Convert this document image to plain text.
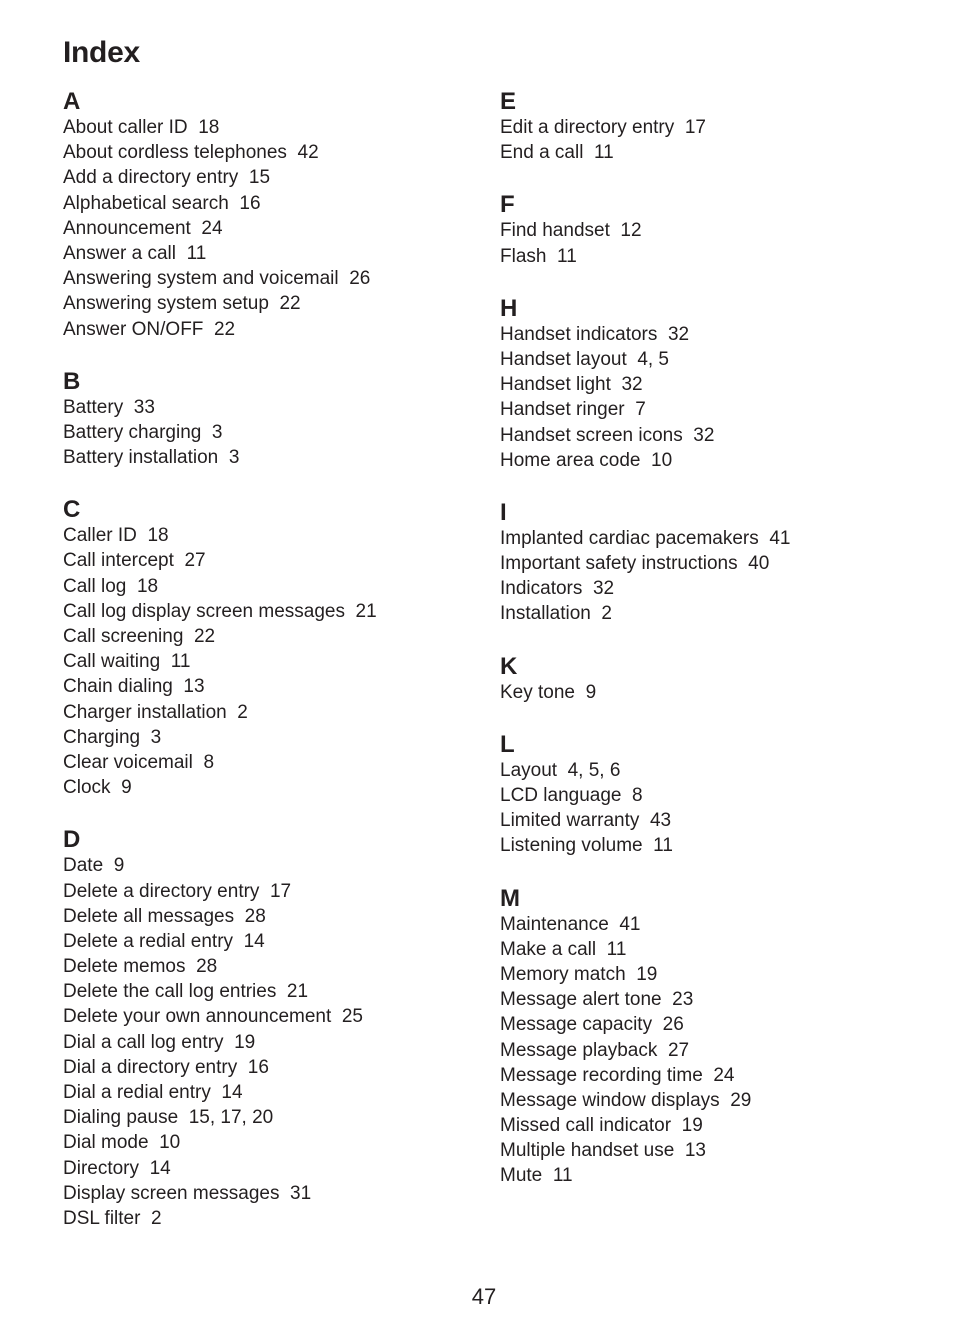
Index
A
About caller ID 18
About cordless telephones 42
Add a directory entry 15
Alphabetical search 16
Announcement 24
Answer a call 11
Answering system and voicemail 26
Answering system setup 22
Answer ON/OFF 22
B
Battery 33
Battery charging 3
Battery installation 3
C
Caller ID 18
Call intercept 27
Call log 18
Call log display screen messages 21
Call screening 22
Call waiting 11
Chain dialing 13
Charger installation 2
Charging 3
Clear voicemail 8
Clock 9
D
Date 9
Delete a directory entry 17
Delete all messages 28
Delete a redial entry 14
Delete memos 28
Delete the call log entries 21
Delete your own announcement 25
Dial a call log entry 19
Dial a directory entry 16
Dial a redial entry 14
Dialing pause 15, 17, 20
Dial mode 10
Directory 14
Display screen messages 31
DSL filter 2
E
Edit a directory entry 17
End a call 11
F
Find handset 12
Flash 11
H
Handset indicators 32
Handset layout 4, 5
Handset light 32
Handset ringer 7
Handset screen icons 32
Home area code 10
I
Implanted cardiac pacemakers 41
Important safety instructions 40
Indicators 32
Installation 2
K
Key tone 9
L
Layout 4, 5, 6
LCD language 8
Limited warranty 43
Listening volume 11
M
Maintenance 41
Make a call 11
Memory match 19
Message alert tone 23
Message capacity 26
Message playback 27
Message recording time 24
Message window displays 29
Missed call indicator 19
Multiple handset use 13
Mute 11
47
